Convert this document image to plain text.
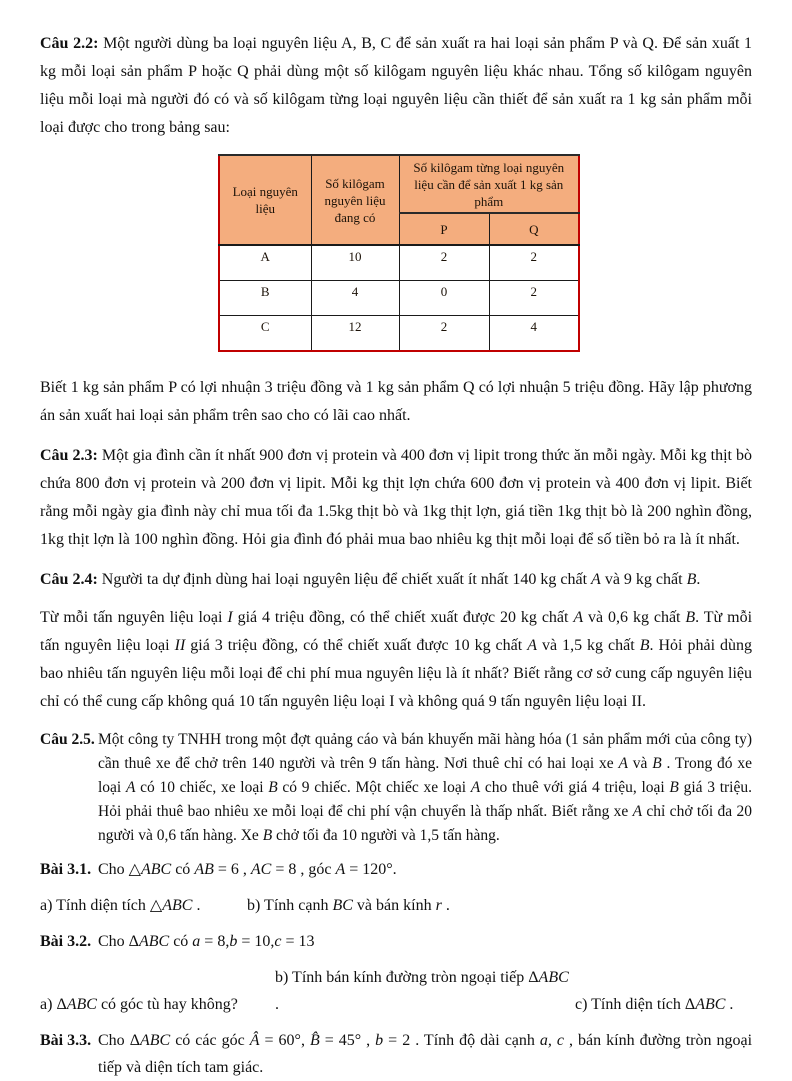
Câu 2.2: Một người dùng ba loại nguyên liệu A, B, C để sản xuất ra hai loại sản phẩm P và Q. Để sản xuất 1 kg mỗi loại sản phẩm P hoặc Q phải dùng một số kilôgam nguyên liệu khác nhau. Tổng số kilôgam nguyên liệu mỗi loại mà người đó có và số kilôgam từng loại nguyên liệu cần thiết để sản xuất ra 1 kg sản phẩm mỗi loại được cho trong bảng sau:

Loại nguyên liệu	Số kilôgam nguyên liệu đang có	Số kilôgam từng loại nguyên liệu cần để sản xuất 1 kg sản phẩm	
		P	Q
A	10	2	2
B	4	0	2
C	12	2	4

Biết 1 kg sản phẩm P có lợi nhuận 3 triệu đồng và 1 kg sản phẩm Q có lợi nhuận 5 triệu đồng. Hãy lập phương án sản xuất hai loại sản phẩm trên sao cho có lãi cao nhất.

Câu 2.3: Một gia đình cần ít nhất 900 đơn vị protein và 400 đơn vị lipit trong thức ăn mỗi ngày. Mỗi kg thịt bò chứa 800 đơn vị protein và 200 đơn vị lipit. Mỗi kg thịt lợn chứa 600 đơn vị protein và 400 đơn vị lipit. Biết rằng mỗi ngày gia đình này chỉ mua tối đa 1.5kg thịt bò và 1kg thịt lợn, giá tiền 1kg thịt bò là 200 nghìn đồng, 1kg thịt lợn là 100 nghìn đồng. Hỏi gia đình đó phải mua bao nhiêu kg thịt mỗi loại để số tiền bỏ ra là ít nhất.

Câu 2.4: Người ta dự định dùng hai loại nguyên liệu để chiết xuất ít nhất 140 kg chất A và 9 kg chất B.

Từ mỗi tấn nguyên liệu loại I giá 4 triệu đồng, có thể chiết xuất được 20 kg chất A và 0,6 kg chất B. Từ mỗi tấn nguyên liệu loại II giá 3 triệu đồng, có thể chiết xuất được 10 kg chất A và 1,5 kg chất B. Hỏi phải dùng bao nhiêu tấn nguyên liệu mỗi loại để chi phí mua nguyên liệu là ít nhất? Biết rằng cơ sở cung cấp nguyên liệu chỉ có thể cung cấp không quá 10 tấn nguyên liệu loại I và không quá 9 tấn nguyên liệu loại II.

Câu 2.5. Một công ty TNHH trong một đợt quảng cáo và bán khuyến mãi hàng hóa (1 sản phẩm mới của công ty) cần thuê xe để chở trên 140 người và trên 9 tấn hàng. Nơi thuê chỉ có hai loại xe A và B . Trong đó xe loại A có 10 chiếc, xe loại B có 9 chiếc. Một chiếc xe loại A cho thuê với giá 4 triệu, loại B giá 3 triệu. Hỏi phải thuê bao nhiêu xe mỗi loại để chi phí vận chuyển là thấp nhất. Biết rằng xe A chỉ chở tối đa 20 người và 0,6 tấn hàng. Xe B chở tối đa 10 người và 1,5 tấn hàng.

Bài 3.1. Cho △ABC có AB = 6 , AC = 8 , góc A = 120°.

a) Tính diện tích △ABC .	b) Tính cạnh BC và bán kính r .

Bài 3.2. Cho ΔABC có a = 8,b = 10,c = 13

a) ΔABC có góc tù hay không?b) Tính bán kính đường tròn ngoại tiếp ΔABC .	c) Tính diện tích ΔABC .

Bài 3.3. Cho ΔABC có các góc Â = 60°, B̂ = 45° , b = 2 . Tính độ dài cạnh a, c , bán kính đường tròn ngoại tiếp và diện tích tam giác.
